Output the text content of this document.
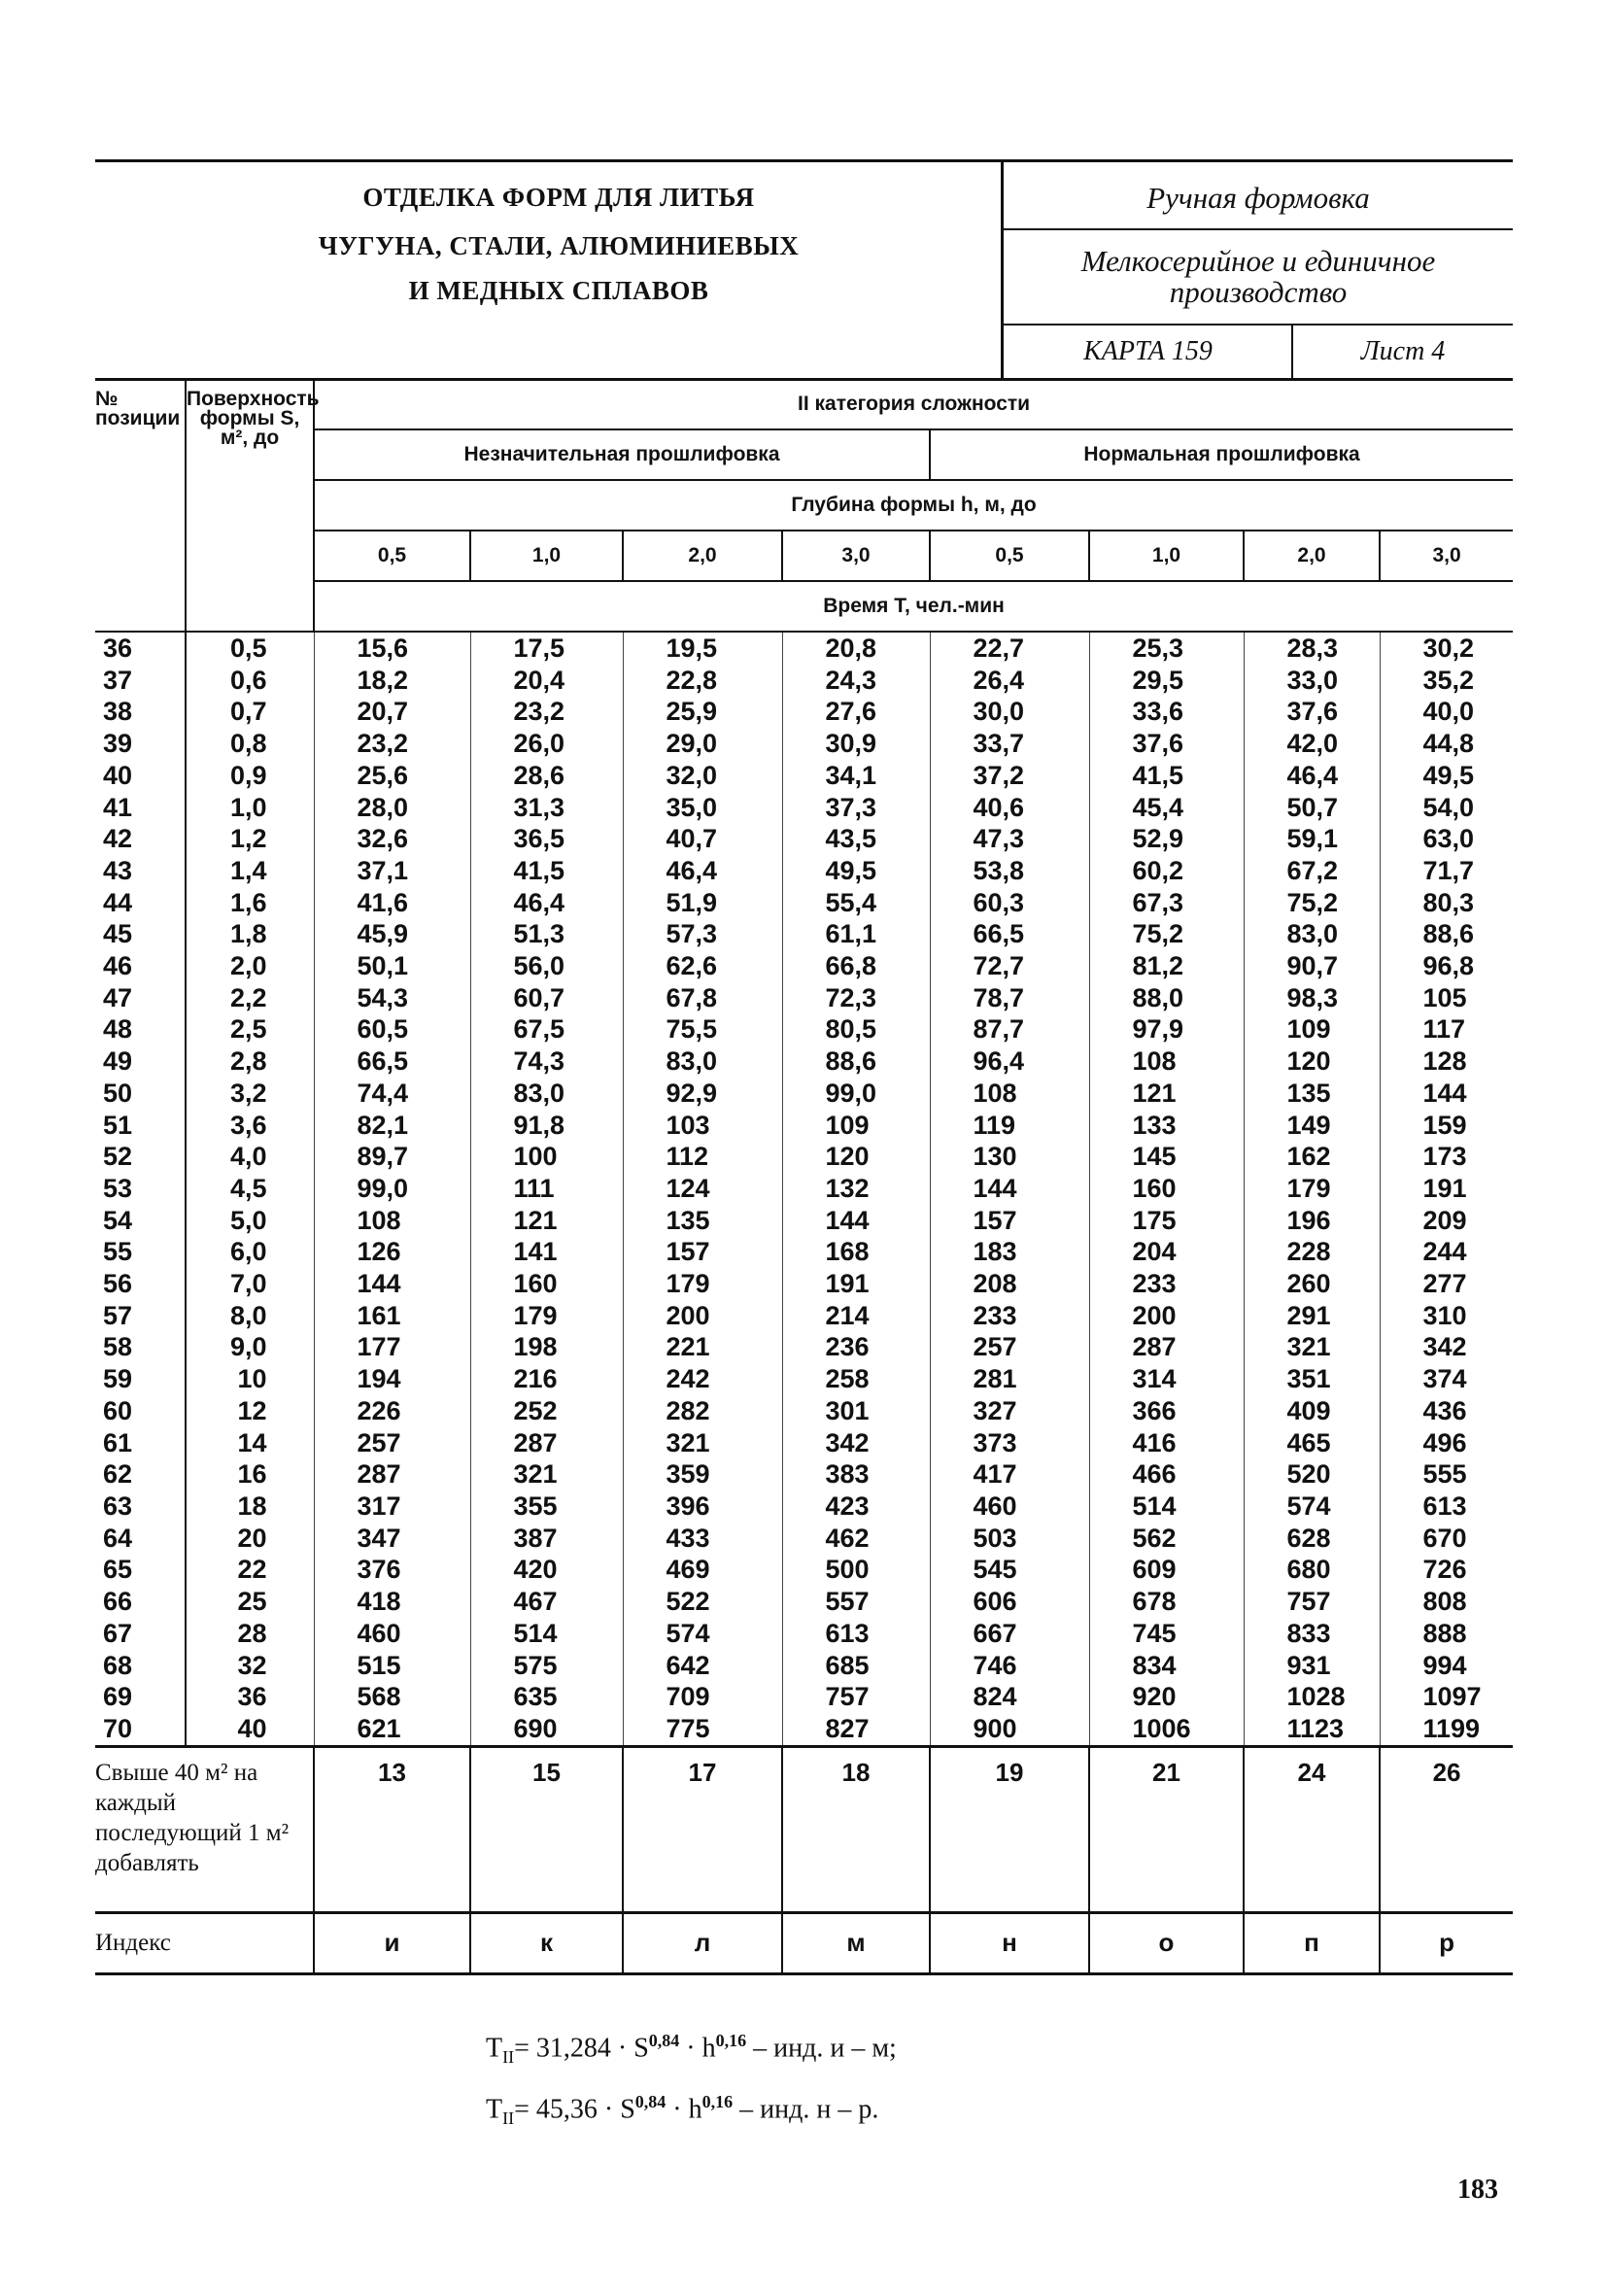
ОТДЕЛКА ФОРМ ДЛЯ ЛИТЬЯ
ЧУГУНА, СТАЛИ, АЛЮМИНИЕВЫХ
И МЕДНЫХ СПЛАВОВ
Ручная формовка
Мелкосерийное и единичное
производство
КАРТА 159	Лист 4
№ позиции	Поверхность формы S, м², до	II категория сложности							
		Незначительная прошлифовка				Нормальная прошлифовка			
		Глубина формы h, м, до							
		0,5	1,0	2,0	3,0	0,5	1,0	2,0	3,0
		Время Т, чел.-мин							
36	0,5	15,6	17,5	19,5	20,8	22,7	25,3	28,3	30,2
37	0,6	18,2	20,4	22,8	24,3	26,4	29,5	33,0	35,2
38	0,7	20,7	23,2	25,9	27,6	30,0	33,6	37,6	40,0
39	0,8	23,2	26,0	29,0	30,9	33,7	37,6	42,0	44,8
40	0,9	25,6	28,6	32,0	34,1	37,2	41,5	46,4	49,5
41	1,0	28,0	31,3	35,0	37,3	40,6	45,4	50,7	54,0
42	1,2	32,6	36,5	40,7	43,5	47,3	52,9	59,1	63,0
43	1,4	37,1	41,5	46,4	49,5	53,8	60,2	67,2	71,7
44	1,6	41,6	46,4	51,9	55,4	60,3	67,3	75,2	80,3
45	1,8	45,9	51,3	57,3	61,1	66,5	75,2	83,0	88,6
46	2,0	50,1	56,0	62,6	66,8	72,7	81,2	90,7	96,8
47	2,2	54,3	60,7	67,8	72,3	78,7	88,0	98,3	105
48	2,5	60,5	67,5	75,5	80,5	87,7	97,9	109	117
49	2,8	66,5	74,3	83,0	88,6	96,4	108	120	128
50	3,2	74,4	83,0	92,9	99,0	108	121	135	144
51	3,6	82,1	91,8	103	109	119	133	149	159
52	4,0	89,7	100	112	120	130	145	162	173
53	4,5	99,0	111	124	132	144	160	179	191
54	5,0	108	121	135	144	157	175	196	209
55	6,0	126	141	157	168	183	204	228	244
56	7,0	144	160	179	191	208	233	260	277
57	8,0	161	179	200	214	233	200	291	310
58	9,0	177	198	221	236	257	287	321	342
59	10	194	216	242	258	281	314	351	374
60	12	226	252	282	301	327	366	409	436
61	14	257	287	321	342	373	416	465	496
62	16	287	321	359	383	417	466	520	555
63	18	317	355	396	423	460	514	574	613
64	20	347	387	433	462	503	562	628	670
65	22	376	420	469	500	545	609	680	726
66	25	418	467	522	557	606	678	757	808
67	28	460	514	574	613	667	745	833	888
68	32	515	575	642	685	746	834	931	994
69	36	568	635	709	757	824	920	1028	1097
70	40	621	690	775	827	900	1006	1123	1199
Свыше 40 м² на каждый последующий 1 м² добавлять		13	15	17	18	19	21	24	26
Индекс		и	к	л	м	н	о	п	р
$T_{II}= 31,284 \cdot S^{0,84} \cdot h^{0,16}$ – инд. и – м;
$T_{II}= 45,36 \cdot S^{0,84} \cdot h^{0,16}$ – инд. н – р.
183
